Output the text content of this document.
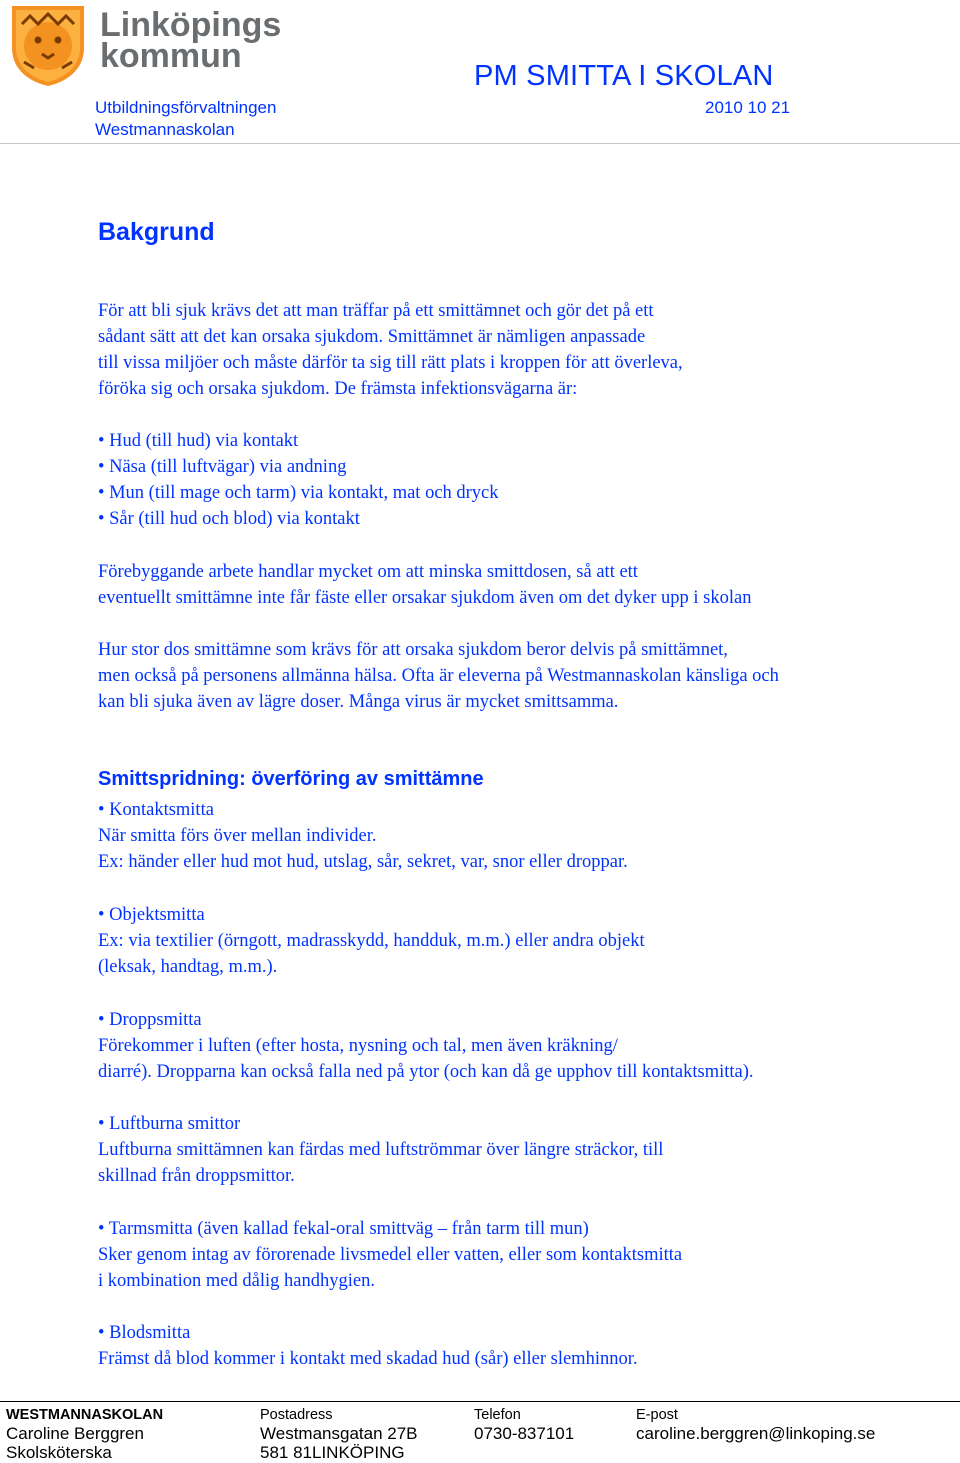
Linköpings
kommun
PM SMITTA I SKOLAN
Utbildningsförvaltningen
Westmannaskolan
2010 10 21
Bakgrund
För att bli sjuk krävs det att man träffar på ett smittämnet och gör det på ett
sådant sätt att det kan orsaka sjukdom. Smittämnet är nämligen anpassade
till vissa miljöer och måste därför ta sig till rätt plats i kroppen för att överleva,
föröka sig och orsaka sjukdom. De främsta infektionsvägarna är:
• Hud (till hud) via kontakt
• Näsa (till luftvägar) via andning
• Mun (till mage och tarm) via kontakt, mat och dryck
• Sår (till hud och blod) via kontakt
Förebyggande arbete handlar mycket om att minska smittdosen, så att ett
eventuellt smittämne inte får fäste eller orsakar sjukdom även om det dyker upp i skolan
Hur stor dos smittämne som krävs för att orsaka sjukdom beror delvis på smittämnet,
men också på personens allmänna hälsa. Ofta är eleverna på Westmannaskolan känsliga och
kan bli sjuka även av lägre doser. Många virus är mycket smittsamma.
Smittspridning: överföring av smittämne
• Kontaktsmitta
När smitta förs över mellan individer.
Ex: händer eller hud mot hud, utslag, sår, sekret, var, snor eller droppar.
• Objektsmitta
Ex: via textilier (örngott, madrasskydd, handduk, m.m.) eller andra objekt
(leksak, handtag, m.m.).
• Droppsmitta
Förekommer i luften (efter hosta, nysning och tal, men även kräkning/
diarré). Dropparna kan också falla ned på ytor (och kan då ge upphov till kontaktsmitta).
• Luftburna smittor
Luftburna smittämnen kan färdas med luftströmmar över längre sträckor, till
skillnad från droppsmittor.
• Tarmsmitta (även kallad fekal-oral smittväg – från tarm till mun)
Sker genom intag av förorenade livsmedel eller vatten, eller som kontaktsmitta
i kombination med dålig handhygien.
• Blodsmitta
Främst då blod kommer i kontakt med skadad hud (sår) eller slemhinnor.
WESTMANNASKOLAN
Caroline Berggren
Skolsköterska
Postadress
Westmansgatan 27B
581 81LINKÖPING
Telefon
0730-837101
E-post
caroline.berggren@linkoping.se
